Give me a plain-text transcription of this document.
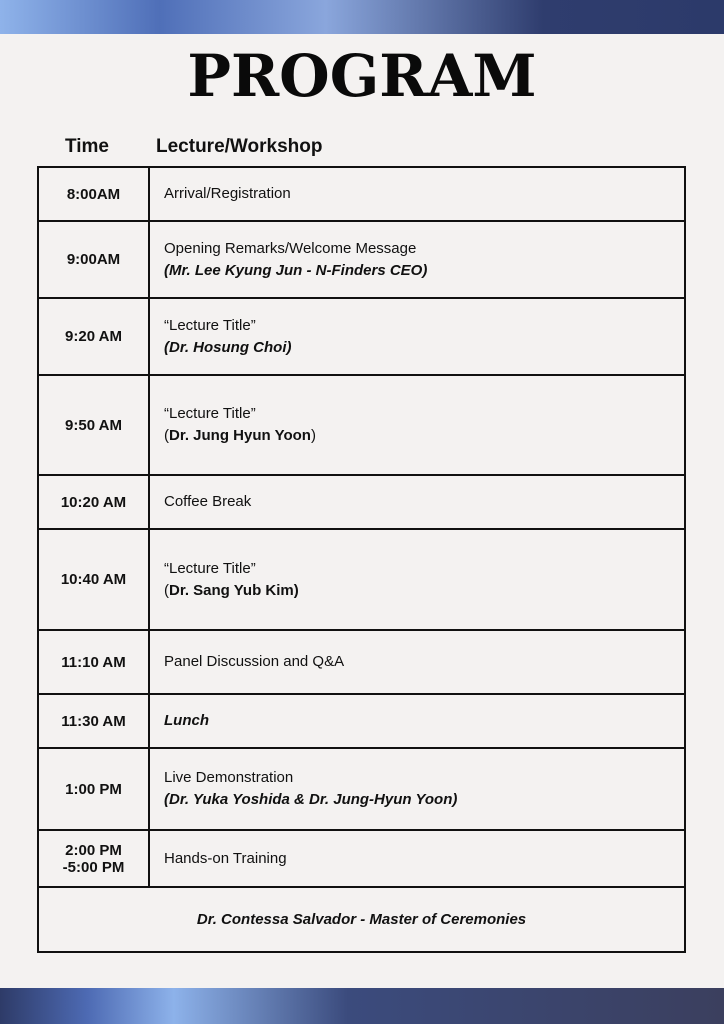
PROGRAM
Time Lecture/Workshop
8:00AM	Arrival/Registration

9:00AM	Opening Remarks/Welcome Message
(Mr. Lee Kyung Jun - N-Finders CEO)

9:20 AM	“Lecture Title”
(Dr. Hosung Choi)

9:50 AM	“Lecture Title”
(Dr. Jung Hyun Yoon)

10:20 AM	Coffee Break

10:40 AM	“Lecture Title”
(Dr. Sang Yub Kim)

11:10 AM	Panel Discussion and Q&A

11:30 AM	Lunch

1:00 PM	Live Demonstration
(Dr. Yuka Yoshida & Dr. Jung-Hyun Yoon)

2:00 PM
-5:00 PM	Hands-on Training

Dr. Contessa Salvador - Master of Ceremonies	
